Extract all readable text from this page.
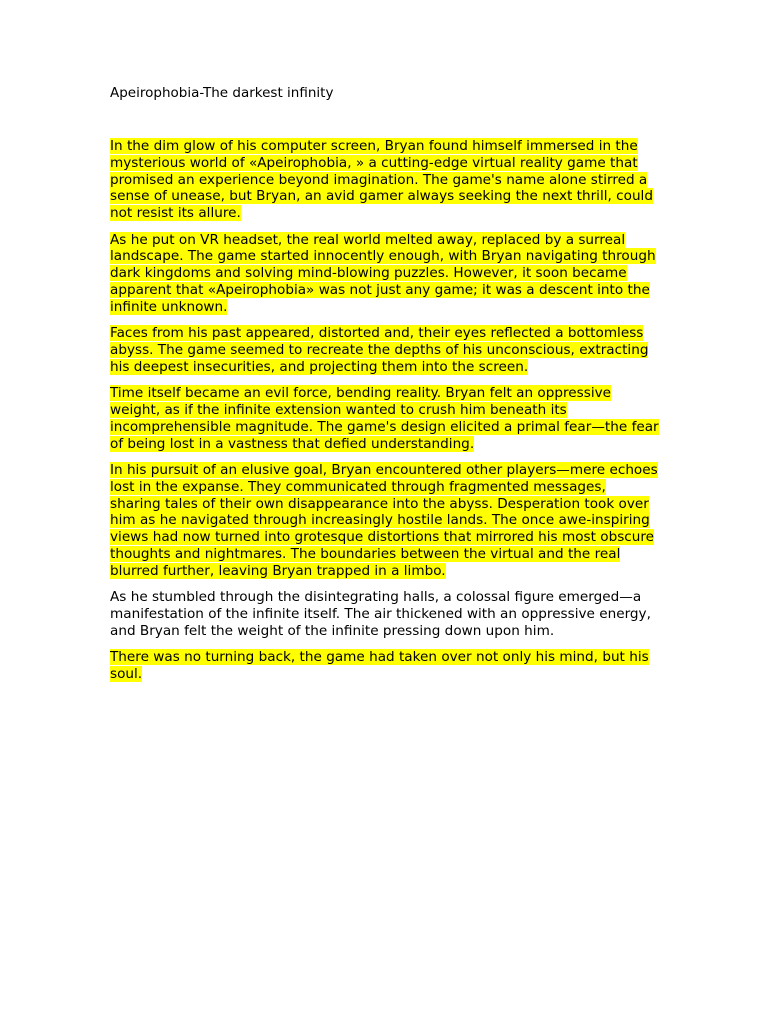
Apeirophobia-The darkest infinity

In the dim glow of his computer screen, Bryan found himself immersed in the mysterious world of «Apeirophobia, » a cutting-edge virtual reality game that promised an experience beyond imagination. The game's name alone stirred a sense of unease, but Bryan, an avid gamer always seeking the next thrill, could not resist its allure.

As he put on VR headset, the real world melted away, replaced by a surreal landscape. The game started innocently enough, with Bryan navigating through dark kingdoms and solving mind-blowing puzzles. However, it soon became apparent that «Apeirophobia» was not just any game; it was a descent into the infinite unknown.

Faces from his past appeared, distorted and, their eyes reflected a bottomless abyss. The game seemed to recreate the depths of his unconscious, extracting his deepest insecurities, and projecting them into the screen.

Time itself became an evil force, bending reality. Bryan felt an oppressive weight, as if the infinite extension wanted to crush him beneath its incomprehensible magnitude. The game's design elicited a primal fear—the fear of being lost in a vastness that defied understanding.

In his pursuit of an elusive goal, Bryan encountered other players—mere echoes lost in the expanse. They communicated through fragmented messages, sharing tales of their own disappearance into the abyss. Desperation took over him as he navigated through increasingly hostile lands. The once awe-inspiring views had now turned into grotesque distortions that mirrored his most obscure thoughts and nightmares. The boundaries between the virtual and the real blurred further, leaving Bryan trapped in a limbo.

As he stumbled through the disintegrating halls, a colossal figure emerged—a manifestation of the infinite itself. The air thickened with an oppressive energy, and Bryan felt the weight of the infinite pressing down upon him.

There was no turning back, the game had taken over not only his mind, but his soul.
